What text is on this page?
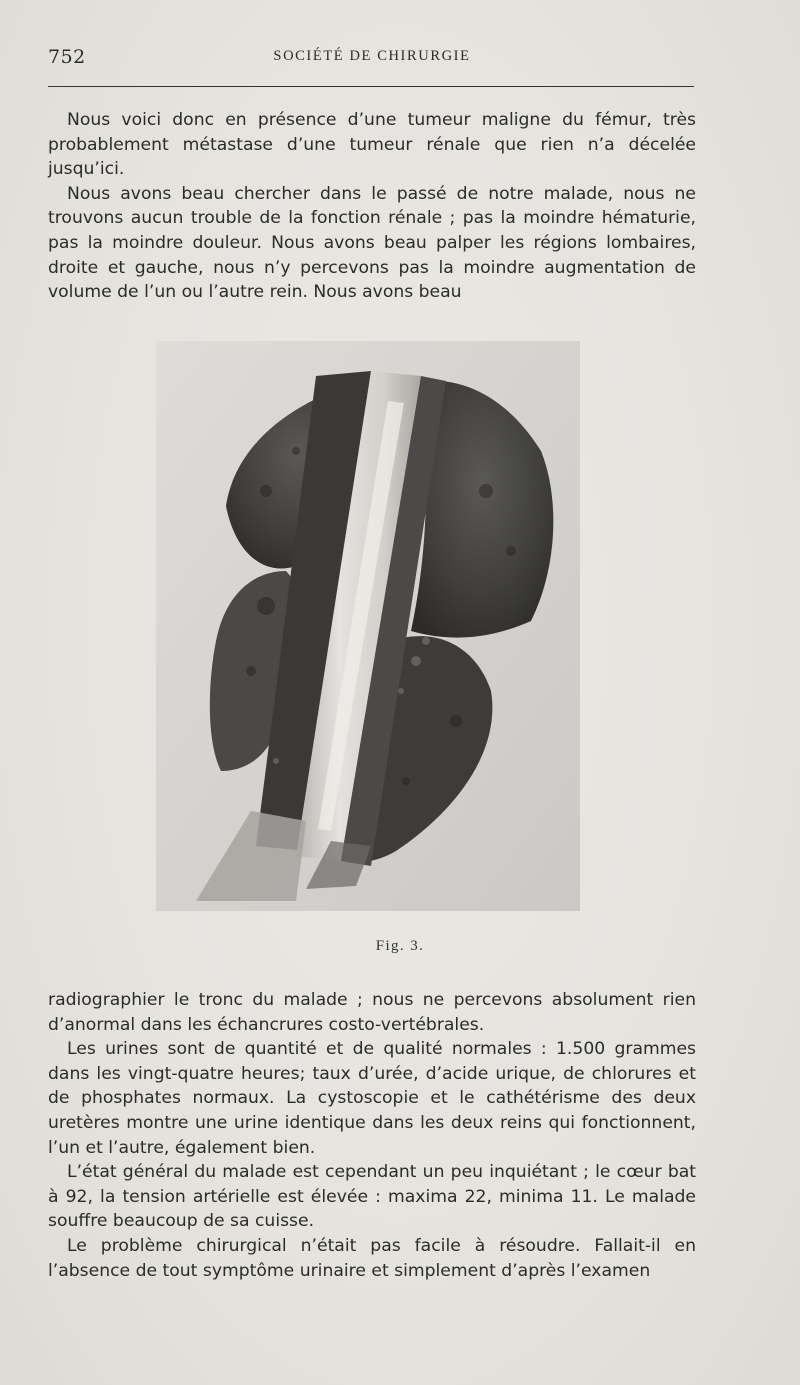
752	SOCIÉTÉ DE CHIRURGIE

Nous voici donc en présence d’une tumeur maligne du fémur, très probablement métastase d’une tumeur rénale que rien n’a décelée jusqu’ici.

Nous avons beau chercher dans le passé de notre malade, nous ne trouvons aucun trouble de la fonction rénale ; pas la moindre hématurie, pas la moindre douleur. Nous avons beau palper les régions lombaires, droite et gauche, nous n’y percevons pas la moindre augmentation de volume de l’un ou l’autre rein. Nous avons beau

Fig. 3.

radiographier le tronc du malade ; nous ne percevons absolument rien d’anormal dans les échancrures costo-vertébrales.

Les urines sont de quantité et de qualité normales : 1.500 grammes dans les vingt-quatre heures; taux d’urée, d’acide urique, de chlorures et de phosphates normaux. La cystoscopie et le cathétérisme des deux uretères montre une urine identique dans les deux reins qui fonctionnent, l’un et l’autre, également bien.

L’état général du malade est cependant un peu inquiétant ; le cœur bat à 92, la tension artérielle est élevée : maxima 22, minima 11. Le malade souffre beaucoup de sa cuisse.

Le problème chirurgical n’était pas facile à résoudre. Fallait-il en l’absence de tout symptôme urinaire et simplement d’après l’examen
